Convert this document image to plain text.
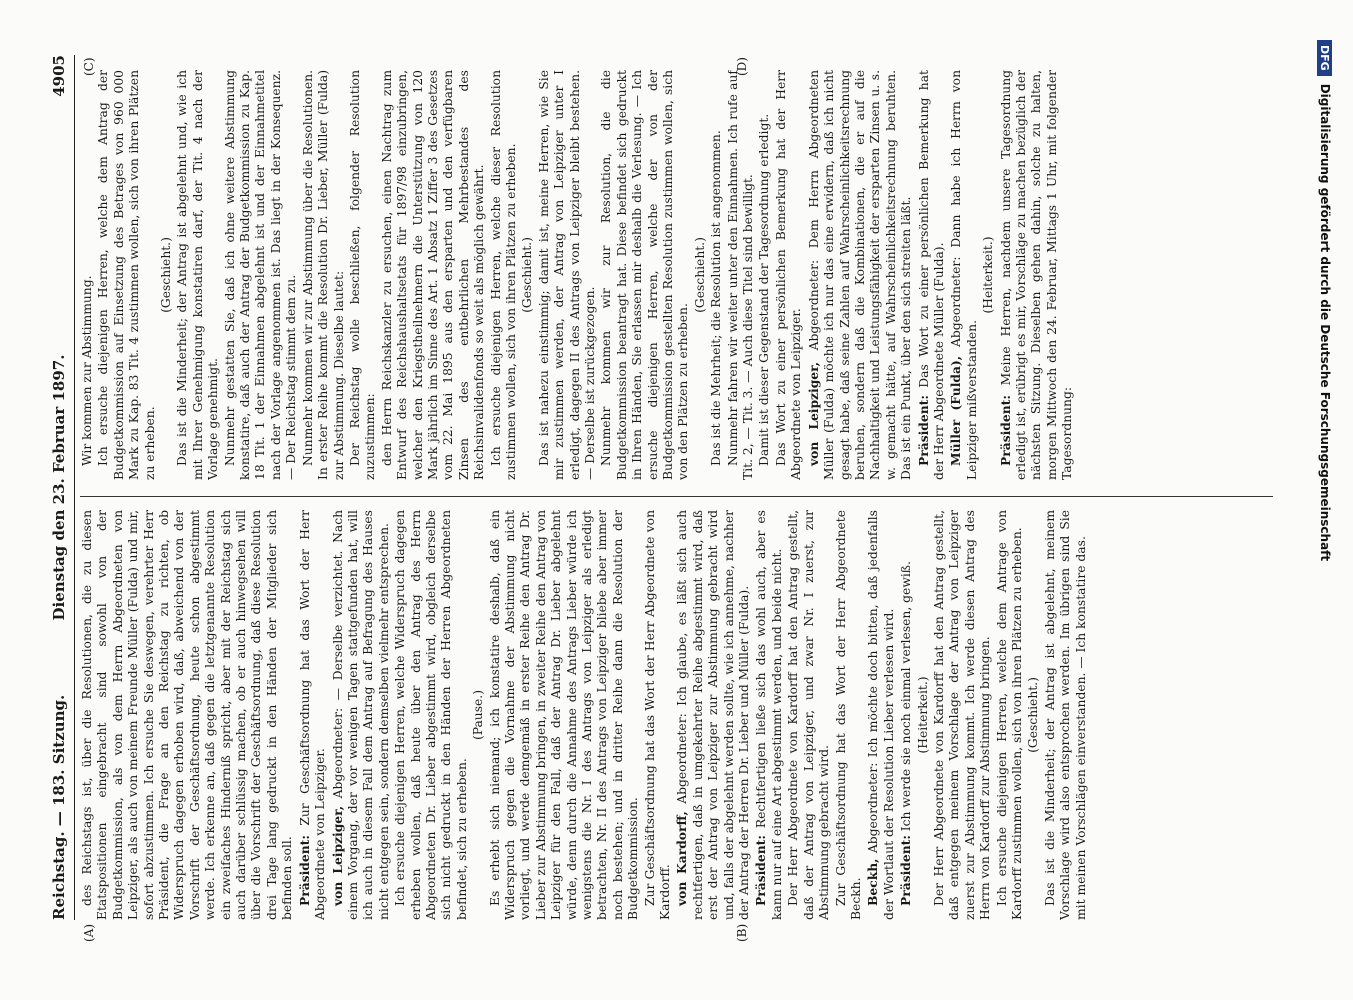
Reichstag. — 183. Sitzung.
Dienstag den 23. Februar 1897.
4905
(A)	(B)
(C)	(D)

des Reichstags ist, über die Resolutionen, die zu diesen Etatspositionen eingebracht sind sowohl von der Budgetkommission, als von dem Herrn Abgeordneten von Leipziger, als auch von meinem Freunde Müller (Fulda) und mir, sofort abzustimmen. Ich ersuche Sie deswegen, verehrter Herr Präsident, die Frage an den Reichstag zu richten, ob Widerspruch dagegen erhoben wird, daß, abweichend von der Vorschrift der Geschäftsordnung, heute schon abgestimmt werde. Ich erkenne an, daß gegen die letztgenannte Resolution ein zweifaches Hinderniß spricht, aber mit der Reichstag sich auch darüber schlüssig machen, ob er auch hinwegsehen will über die Vorschrift der Geschäftsordnung, daß diese Resolution drei Tage lang gedruckt in den Händen der Mitglieder sich befinden soll. Präsident: Zur Geschäftsordnung hat das Wort der Herr Abgeordnete von Leipziger. von Leipziger, Abgeordneter: — Derselbe verzichtet. Nach einem Vorgang, der vor wenigen Tagen stattgefunden hat, will ich auch in diesem Fall dem Antrag auf Befragung des Hauses nicht entgegen sein, sondern demselben vielmehr entsprechen. Ich ersuche diejenigen Herren, welche Widerspruch dagegen erheben wollen, daß heute über den Antrag des Herrn Abgeordneten Dr. Lieber abgestimmt wird, obgleich derselbe sich nicht gedruckt in den Händen der Herren Abgeordneten befindet, sich zu erheben.

(Pause.) Es erhebt sich niemand; ich konstatire deshalb, daß ein Widerspruch gegen die Vornahme der Abstimmung nicht vorliegt, und werde demgemäß in erster Reihe den Antrag Dr. Lieber zur Abstimmung bringen, in zweiter Reihe den Antrag von Leipziger für den Fall, daß der Antrag Dr. Lieber abgelehnt würde, denn durch die Annahme des Antrags Lieber würde ich wenigstens die Nr. I des Antrags von Leipziger als erledigt betrachten, Nr. II des Antrags von Leipziger bliebe aber immer noch bestehen; und in dritter Reihe dann die Resolution der Budgetkommission. Zur Geschäftsordnung hat das Wort der Herr Abgeordnete von Kardorff. von Kardorff, Abgeordneter: Ich glaube, es läßt sich auch rechtfertigen, daß in umgekehrter Reihe abgestimmt wird, daß erst der Antrag von Leipziger zur Abstimmung gebracht wird und, falls der abgelehnt werden sollte, wie ich annehme, nachher der Antrag der Herren Dr. Lieber und Müller (Fulda). Präsident: Rechtfertigen ließe sich das wohl auch, aber es kann nur auf eine Art abgestimmt werden, und beide nicht. Der Herr Abgeordnete von Kardorff hat den Antrag gestellt, daß der Antrag von Leipziger, und zwar Nr. I zuerst, zur Abstimmung gebracht wird. Zur Geschäftsordnung hat das Wort der Herr Abgeordnete Beckh. Beckh, Abgeordneter: Ich möchte doch bitten, daß jedenfalls der Wortlaut der Resolution Lieber verlesen wird. Präsident: Ich werde sie noch einmal verlesen, gewiß. (Heiterkeit.) Der Herr Abgeordnete von Kardorff hat den Antrag gestellt, daß entgegen meinem Vorschlage der Antrag von Leipziger zuerst zur Abstimmung kommt. Ich werde diesen Antrag des Herrn von Kardorff zur Abstimmung bringen. Ich ersuche diejenigen Herren, welche dem Antrage von Kardorff zustimmen wollen, sich von ihren Plätzen zu erheben. (Geschieht.) Das ist die Minderheit; der Antrag ist abgelehnt, meinem Vorschlage wird also entsprochen werden. Im übrigen sind Sie mit meinen Vorschlägen einverstanden. — Ich konstatire das.

Wir kommen zur Abstimmung. Ich ersuche diejenigen Herren, welche dem Antrag der Budgetkommission auf Einsetzung des Betrages von 960 000 Mark zu Kap. 83 Tit. 4 zustimmen wollen, sich von ihren Plätzen zu erheben.

(Geschieht.) Das ist die Minderheit; der Antrag ist abgelehnt und, wie ich mit Ihrer Genehmigung konstatiren darf, der Tit. 4 nach der Vorlage genehmigt. Nunmehr gestatten Sie, daß ich ohne weitere Abstimmung konstatire, daß auch der Antrag der Budgetkommission zu Kap. 18 Tit. 1 der Einnahmen abgelehnt ist und der Einnahmetitel nach der Vorlage angenommen ist. Das liegt in der Konsequenz. — Der Reichstag stimmt dem zu. Nunmehr kommen wir zur Abstimmung über die Resolutionen. In erster Reihe kommt die Resolution Dr. Lieber, Müller (Fulda) zur Abstimmung. Dieselbe lautet: Der Reichstag wolle beschließen, folgender Resolution zuzustimmen: den Herrn Reichskanzler zu ersuchen, einen Nachtrag zum Entwurf des Reichshaushaltsetats für 1897/98 einzubringen, welcher den Kriegstheilnehmern die Unterstützung von 120 Mark jährlich im Sinne des Art. 1 Absatz 1 Ziffer 3 des Gesetzes vom 22. Mai 1895 aus den ersparten und den verfügbaren Zinsen des entbehrlichen Mehrbestandes des Reichsinvalidenfonds so weit als möglich gewährt. Ich ersuche diejenigen Herren, welche dieser Resolution zustimmen wollen, sich von ihren Plätzen zu erheben. (Geschieht.) Das ist nahezu einstimmig; damit ist, meine Herren, wie Sie mir zustimmen werden, der Antrag von Leipziger unter I erledigt, dagegen II des Antrags von Leipziger bleibt bestehen. — Derselbe ist zurückgezogen. Nunmehr kommen wir zur Resolution, die die Budgetkommission beantragt hat. Diese befindet sich gedruckt in Ihren Händen, Sie erlassen mir deshalb die Verlesung. — Ich ersuche diejenigen Herren, welche der von der Budgetkommission gestellten Resolution zustimmen wollen, sich von den Plätzen zu erheben.

(Geschieht.) Das ist die Mehrheit; die Resolution ist angenommen. Nunmehr fahren wir weiter unter den Einnahmen. Ich rufe auf Tit. 2, — Tit. 3. — Auch diese Titel sind bewilligt. Damit ist dieser Gegenstand der Tagesordnung erledigt. Das Wort zu einer persönlichen Bemerkung hat der Herr Abgeordnete von Leipziger. von Leipziger, Abgeordneter: Dem Herrn Abgeordneten Müller (Fulda) möchte ich nur das eine erwidern, daß ich nicht gesagt habe, daß seine Zahlen auf Wahrscheinlichkeitsrechnung beruhen, sondern daß die Kombinationen, die er auf die Nachhaltigkeit und Leistungsfähigkeit der ersparten Zinsen u. s. w. gemacht hätte, auf Wahrscheinlichkeitsrechnung beruhten. Das ist ein Punkt, über den sich streiten läßt. Präsident: Das Wort zu einer persönlichen Bemerkung hat der Herr Abgeordnete Müller (Fulda). Müller (Fulda), Abgeordneter: Dann habe ich Herrn von Leipziger mißverstanden.

(Heiterkeit.)

Präsident: Meine Herren, nachdem unsere Tagesordnung erledigt ist, erübrigt es mir, Vorschläge zu machen bezüglich der nächsten Sitzung. Dieselben gehen dahin, solche zu halten, morgen Mittwoch den 24. Februar, Mittags 1 Uhr, mit folgender Tagesordnung:

DFG
Digitalisierung gefördert durch die Deutsche Forschungsgemeinschaft
